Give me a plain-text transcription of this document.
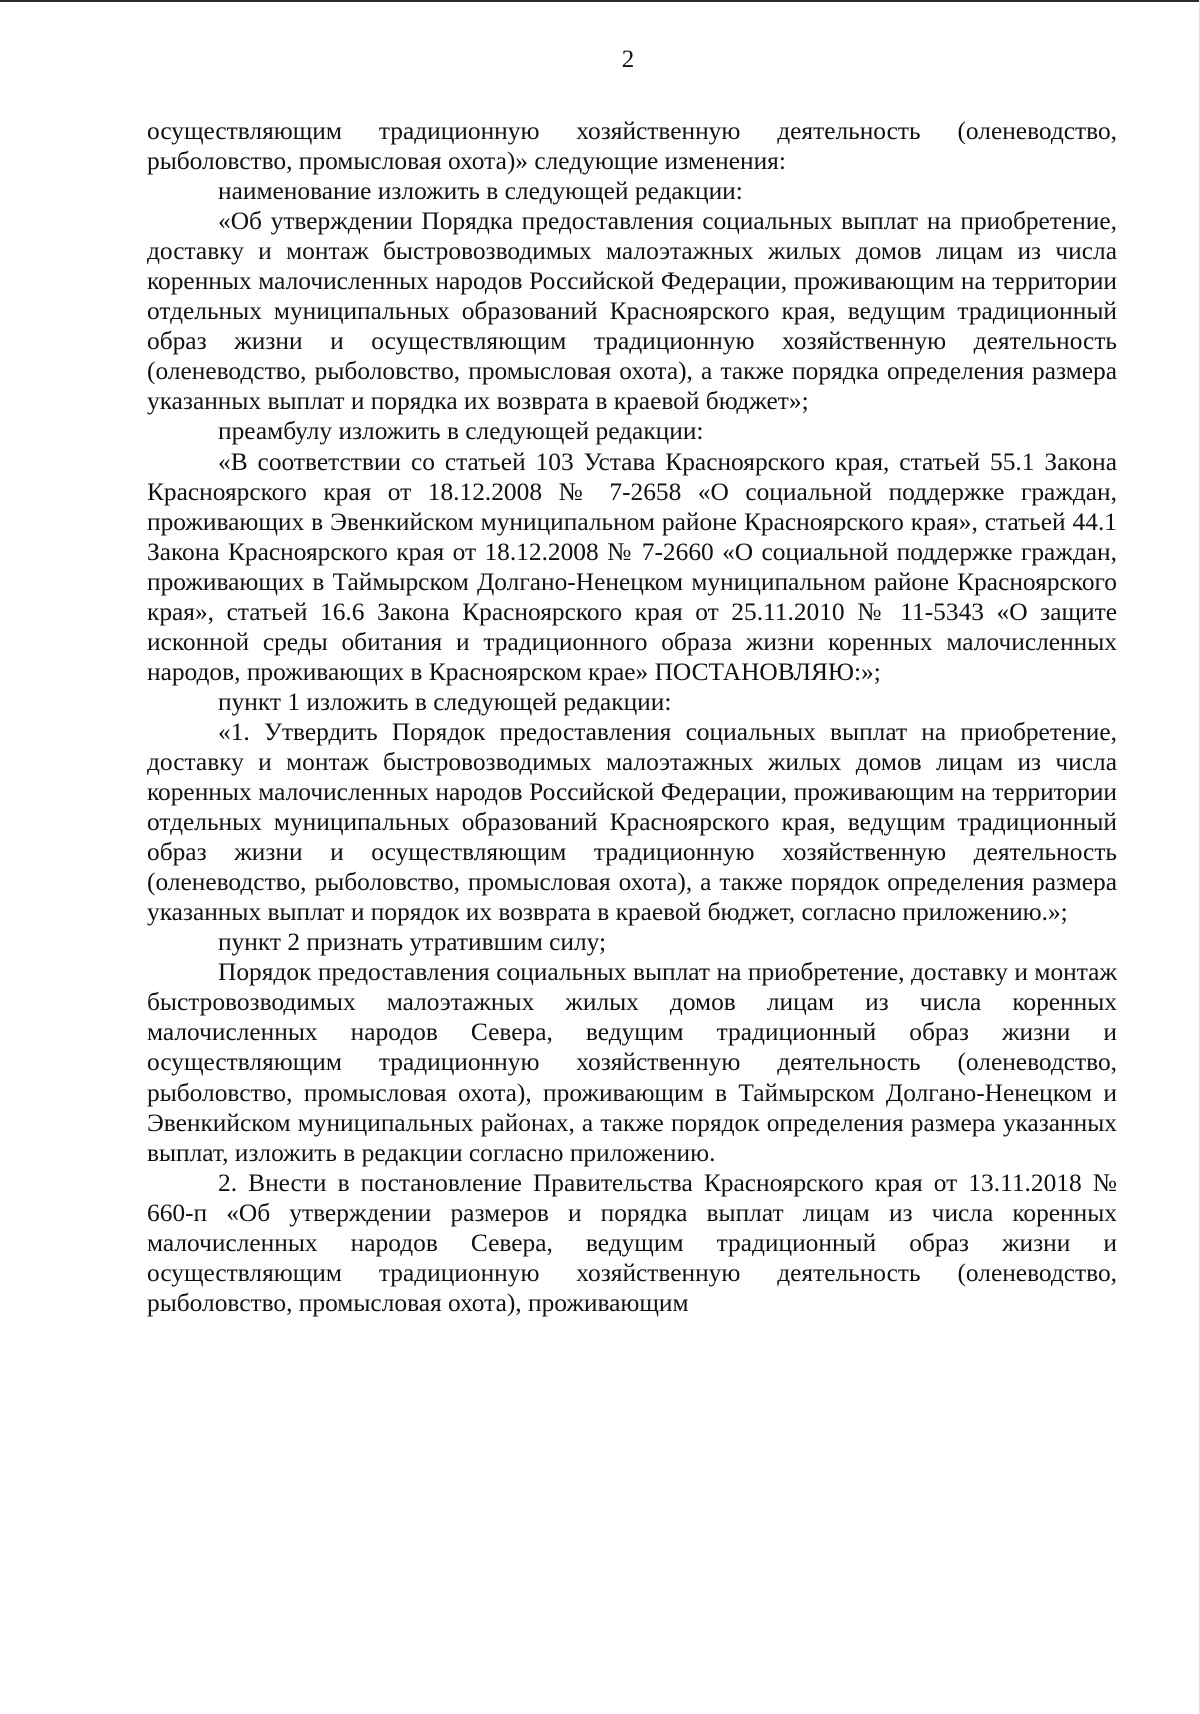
2

осуществляющим традиционную хозяйственную деятельность (оленеводство, рыболовство, промысловая охота)» следующие изменения:

наименование изложить в следующей редакции:

«Об утверждении Порядка предоставления социальных выплат на приобретение, доставку и монтаж быстровозводимых малоэтажных жилых домов лицам из числа коренных малочисленных народов Российской Федерации, проживающим на территории отдельных муниципальных образований Красноярского края, ведущим традиционный образ жизни и осуществляющим традиционную хозяйственную деятельность (оленеводство, рыболовство, промысловая охота), а также порядка определения размера указанных выплат и порядка их возврата в краевой бюджет»;

преамбулу изложить в следующей редакции:

«В соответствии со статьей 103 Устава Красноярского края, статьей 55.1 Закона Красноярского края от 18.12.2008 № 7-2658 «О социальной поддержке граждан, проживающих в Эвенкийском муниципальном районе Красноярского края», статьей 44.1 Закона Красноярского края от 18.12.2008 № 7-2660 «О социальной поддержке граждан, проживающих в Таймырском Долгано-Ненецком муниципальном районе Красноярского края», статьей 16.6 Закона Красноярского края от 25.11.2010 № 11-5343 «О защите исконной среды обитания и традиционного образа жизни коренных малочисленных народов, проживающих в Красноярском крае» ПОСТАНОВЛЯЮ:»;

пункт 1 изложить в следующей редакции:

«1. Утвердить Порядок предоставления социальных выплат на приобретение, доставку и монтаж быстровозводимых малоэтажных жилых домов лицам из числа коренных малочисленных народов Российской Федерации, проживающим на территории отдельных муниципальных образований Красноярского края, ведущим традиционный образ жизни и осуществляющим традиционную хозяйственную деятельность (оленеводство, рыболовство, промысловая охота), а также порядок определения размера указанных выплат и порядок их возврата в краевой бюджет, согласно приложению.»;

пункт 2 признать утратившим силу;

Порядок предоставления социальных выплат на приобретение, доставку и монтаж быстровозводимых малоэтажных жилых домов лицам из числа коренных малочисленных народов Севера, ведущим традиционный образ жизни и осуществляющим традиционную хозяйственную деятельность (оленеводство, рыболовство, промысловая охота), проживающим в Таймырском Долгано-Ненецком и Эвенкийском муниципальных районах, а также порядок определения размера указанных выплат, изложить в редакции согласно приложению.

2. Внести в постановление Правительства Красноярского края от 13.11.2018 № 660-п «Об утверждении размеров и порядка выплат лицам из числа коренных малочисленных народов Севера, ведущим традиционный образ жизни и осуществляющим традиционную хозяйственную деятельность (оленеводство, рыболовство, промысловая охота), проживающим
